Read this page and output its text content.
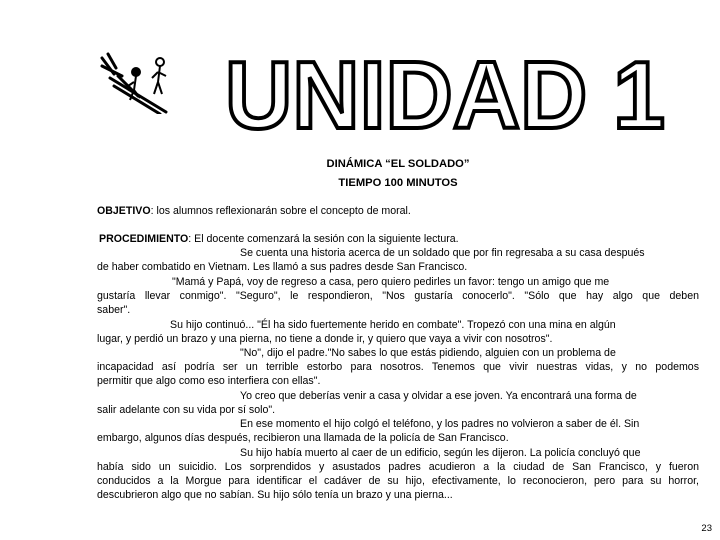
UNIDAD 1
DINÁMICA “EL SOLDADO”
TIEMPO 100 MINUTOS
OBJETIVO: los alumnos reflexionarán sobre el concepto de moral.
PROCEDIMIENTO: El docente comenzará la sesión con la siguiente lectura.
Se cuenta una historia acerca de un soldado que por fin regresaba a su casa después
de haber combatido en Vietnam. Les llamó a sus padres desde San Francisco.
"Mamá y Papá, voy de regreso a casa, pero quiero pedirles un favor: tengo un amigo que me
gustaría llevar conmigo". "Seguro", le respondieron, "Nos gustaría conocerlo". "Sólo que hay algo que deben
saber".
Su hijo continuó... "Él ha sido fuertemente herido en combate". Tropezó con una mina en algún
lugar, y perdió un brazo y una pierna, no tiene a donde ir, y quiero que vaya a vivir con nosotros".
"No", dijo el padre."No sabes lo que estás pidiendo, alguien con un problema de
incapacidad así podría ser un terrible estorbo para nosotros. Tenemos que vivir nuestras vidas, y no podemos
permitir que algo como eso interfiera con ellas".
Yo creo que deberías venir a casa y olvidar a ese joven. Ya encontrará una forma de
salir adelante con su vida por sí solo".
En ese momento el hijo colgó el teléfono, y los padres no volvieron a saber de él. Sin
embargo, algunos días después, recibieron una llamada de la policía de San Francisco.
Su hijo había muerto al caer de un edificio, según les dijeron. La policía concluyó que
había sido un suicidio. Los sorprendidos y asustados padres acudieron a la ciudad de San Francisco, y fueron
conducidos a la Morgue para identificar el cadáver de su hijo, efectivamente, lo reconocieron, pero para su horror,
descubrieron algo que no sabían. Su hijo sólo tenía un brazo y una pierna...
23
